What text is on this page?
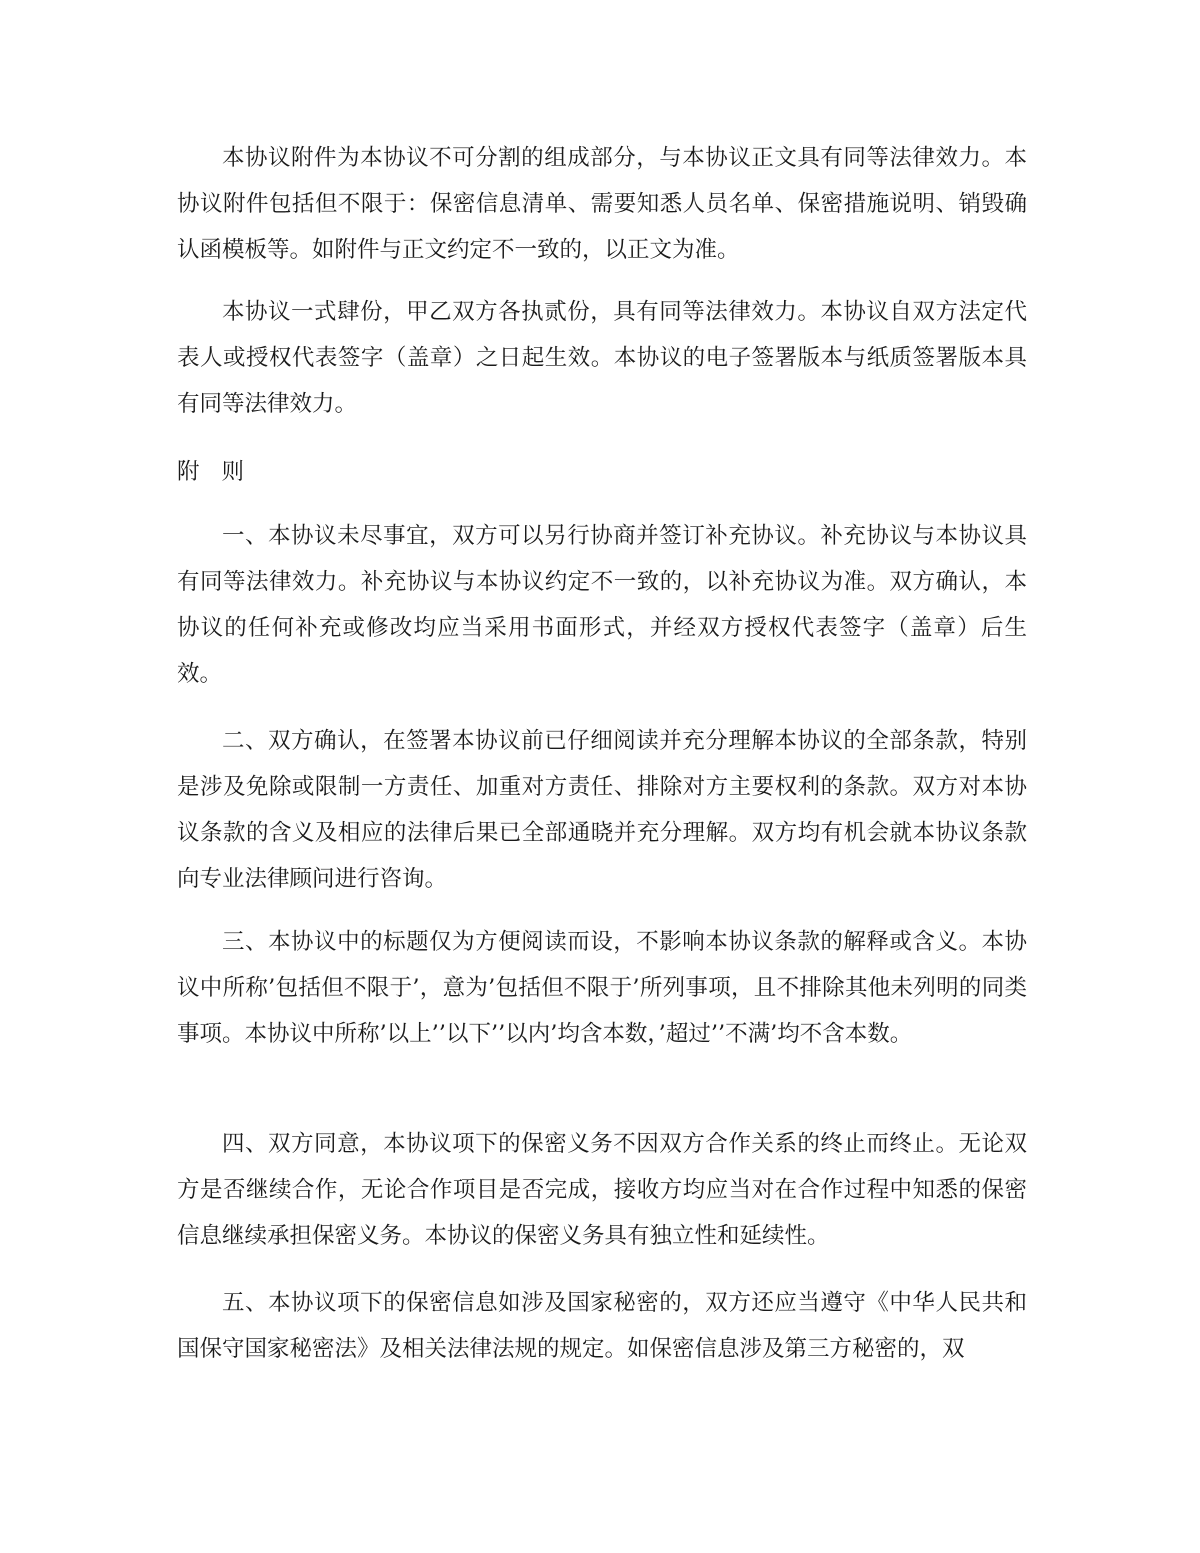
本协议附件为本协议不可分割的组成部分，与本协议正文具有同等法律效力。本协议附件包括但不限于：保密信息清单、需要知悉人员名单、保密措施说明、销毁确认函模板等。如附件与正文约定不一致的，以正文为准。

本协议一式肆份，甲乙双方各执贰份，具有同等法律效力。本协议自双方法定代表人或授权代表签字（盖章）之日起生效。本协议的电子签署版本与纸质签署版本具有同等法律效力。

附则

一、本协议未尽事宜，双方可以另行协商并签订补充协议。补充协议与本协议具有同等法律效力。补充协议与本协议约定不一致的，以补充协议为准。双方确认，本协议的任何补充或修改均应当采用书面形式，并经双方授权代表签字（盖章）后生效。

二、双方确认，在签署本协议前已仔细阅读并充分理解本协议的全部条款，特别是涉及免除或限制一方责任、加重对方责任、排除对方主要权利的条款。双方对本协议条款的含义及相应的法律后果已全部通晓并充分理解。双方均有机会就本协议条款向专业法律顾问进行咨询。

三、本协议中的标题仅为方便阅读而设，不影响本协议条款的解释或含义。本协议中所称’包括但不限于’，意为’包括但不限于’所列事项，且不排除其他未列明的同类事项。本协议中所称’以上’’以下’’以内’均含本数，’超过’’不满’均不含本数。

四、双方同意，本协议项下的保密义务不因双方合作关系的终止而终止。无论双方是否继续合作，无论合作项目是否完成，接收方均应当对在合作过程中知悉的保密信息继续承担保密义务。本协议的保密义务具有独立性和延续性。

五、本协议项下的保密信息如涉及国家秘密的，双方还应当遵守《中华人民共和国保守国家秘密法》及相关法律法规的规定。如保密信息涉及第三方秘密的，双
